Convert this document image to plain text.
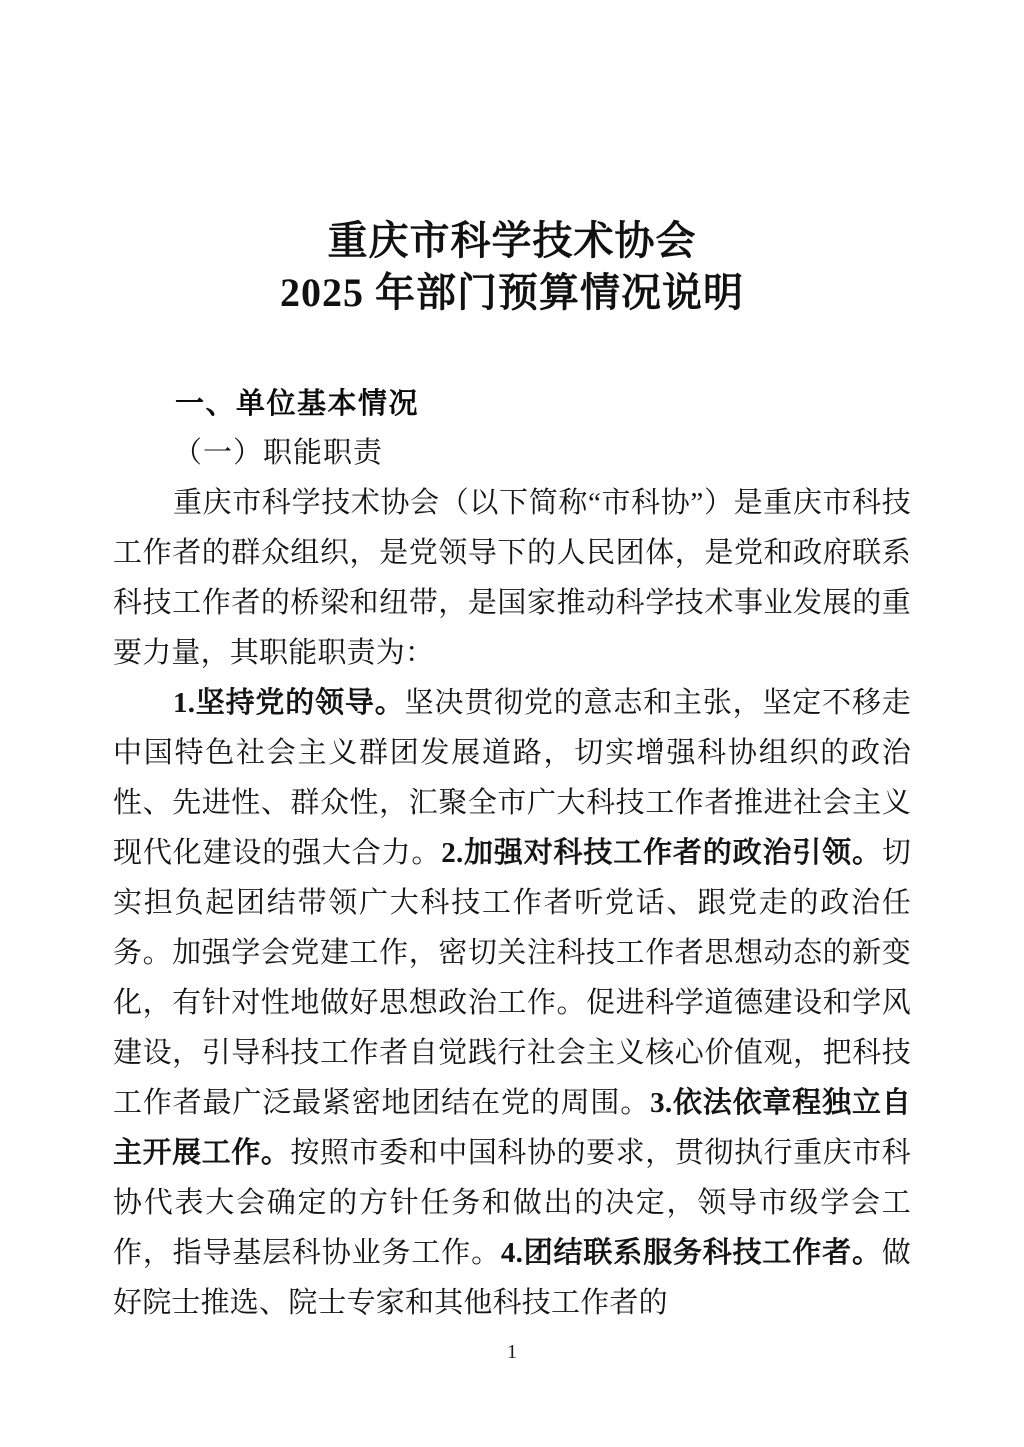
重庆市科学技术协会
2025 年部门预算情况说明

一、单位基本情况

（一）职能职责

重庆市科学技术协会（以下简称“市科协”）是重庆市科技工作者的群众组织，是党领导下的人民团体，是党和政府联系科技工作者的桥梁和纽带，是国家推动科学技术事业发展的重要力量，其职能职责为：

1.坚持党的领导。坚决贯彻党的意志和主张，坚定不移走中国特色社会主义群团发展道路，切实增强科协组织的政治性、先进性、群众性，汇聚全市广大科技工作者推进社会主义现代化建设的强大合力。2.加强对科技工作者的政治引领。切实担负起团结带领广大科技工作者听党话、跟党走的政治任务。加强学会党建工作，密切关注科技工作者思想动态的新变化，有针对性地做好思想政治工作。促进科学道德建设和学风建设，引导科技工作者自觉践行社会主义核心价值观，把科技工作者最广泛最紧密地团结在党的周围。3.依法依章程独立自主开展工作。按照市委和中国科协的要求，贯彻执行重庆市科协代表大会确定的方针任务和做出的决定，领导市级学会工作，指导基层科协业务工作。4.团结联系服务科技工作者。做好院士推选、院士专家和其他科技工作者的

1
